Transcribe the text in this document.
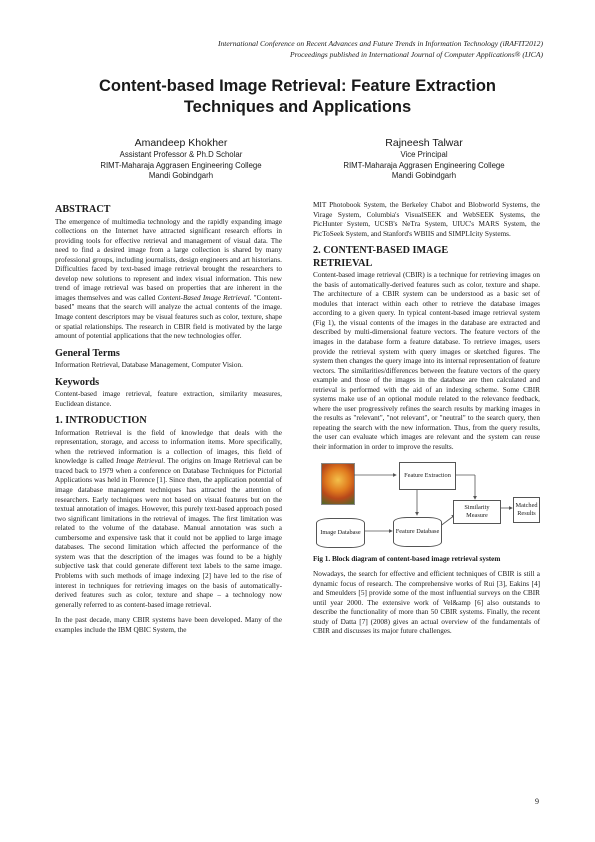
International Conference on Recent Advances and Future Trends in Information Technology (iRAFIT2012)
Proceedings published in International Journal of Computer Applications® (IJCA)
Content-based Image Retrieval: Feature Extraction
Techniques and Applications
Amandeep Khokher
Assistant Professor & Ph.D Scholar
RIMT-Maharaja Aggrasen Engineering College
Mandi Gobindgarh
Rajneesh Talwar
Vice Principal
RIMT-Maharaja Aggrasen Engineering College
Mandi Gobindgarh
ABSTRACT

The emergence of multimedia technology and the rapidly expanding image collections on the Internet have attracted significant research efforts in providing tools for effective retrieval and management of visual data. The need to find a desired image from a large collection is shared by many professional groups, including journalists, design engineers and art historians. Difficulties faced by text-based image retrieval brought the researchers to develop new solutions to represent and index visual information. This new trend of image retrieval was based on properties that are inherent in the images themselves and was called Content-Based Image Retrieval. "Content-based" means that the search will analyze the actual contents of the image. Image content descriptors may be visual features such as color, texture, shape or spatial relationships. The research in CBIR field is motivated by the large amount of potential applications that the new technologies offer.

General Terms

Information Retrieval, Database Management, Computer Vision.

Keywords

Content-based image retrieval, feature extraction, similarity measures, Euclidean distance.

1. INTRODUCTION

Information Retrieval is the field of knowledge that deals with the representation, storage, and access to information items. More specifically, when the retrieved information is a collection of images, this field of knowledge is called Image Retrieval. The origins on Image Retrieval can be traced back to 1979 when a conference on Database Techniques for Pictorial Applications was held in Florence [1]. Since then, the application potential of image database management techniques has attracted the attention of researchers. Early techniques were not based on visual features but on the textual annotation of images. However, this purely text-based approach posed two significant limitations in the retrieval of images. The first limitation was related to the volume of the database. Manual annotation was such a cumbersome and expensive task that it could not be applied to large image databases. The second limitation which affected the performance of the system was that the description of the images was found to be a highly subjective task that could generate different text labels to the same image. Problems with such methods of image indexing [2] have led to the rise of interest in techniques for retrieving images on the basis of automatically-derived features such as color, texture and shape – a technology now generally referred to as content-based image retrieval.

In the past decade, many CBIR systems have been developed. Many of the examples include the IBM QBIC System, the

MIT Photobook System, the Berkeley Chabot and Blobworld Systems, the Virage System, Columbia's VisualSEEK and WebSEEK Systems, the PicHunter System, UCSB's NeTra System, UIUC's MARS System, the PicToSeek System, and Stanford's WBIIS and SIMPLIcity Systems.

2. CONTENT-BASED IMAGE
RETRIEVAL

Content-based image retrieval (CBIR) is a technique for retrieving images on the basis of automatically-derived features such as color, texture and shape. The architecture of a CBIR system can be understood as a basic set of modules that interact within each other to retrieve the database images according to a given query. In typical content-based image retrieval system (Fig 1), the visual contents of the images in the database are extracted and described by multi-dimensional feature vectors. The feature vectors of the images in the database form a feature database. To retrieve images, users provide the retrieval system with query images or sketched figures. The system then changes the query image into its internal representation of feature vectors. The similarities/differences between the feature vectors of the query example and those of the images in the database are then calculated and retrieval is performed with the aid of an indexing scheme. Some CBIR systems make use of an optional module related to the relevance feedback, where the user progressively refines the search results by marking images in the results as "relevant", "not relevant", or "neutral" to the search query, then repeating the search with the new information. Thus, from the query results, the user can evaluate which images are relevant and the system can reuse their information in order to improve the results.

Feature Extraction
Similarity Measure
Matched Results
Image Database	Feature Database

Fig 1. Block diagram of content-based image retrieval system

Nowadays, the search for effective and efficient techniques of CBIR is still a dynamic focus of research. The comprehensive works of Rui [3], Eakins [4] and Smeulders [5] provide some of the most influential surveys on the CBIR until year 2000. The extensive work of Vel&amp [6] also outstands to describe the functionality of more than 50 CBIR systems. Finally, the recent study of Datta [7] (2008) gives an actual overview of the fundamentals of CBIR and discusses its major future challenges.

9
